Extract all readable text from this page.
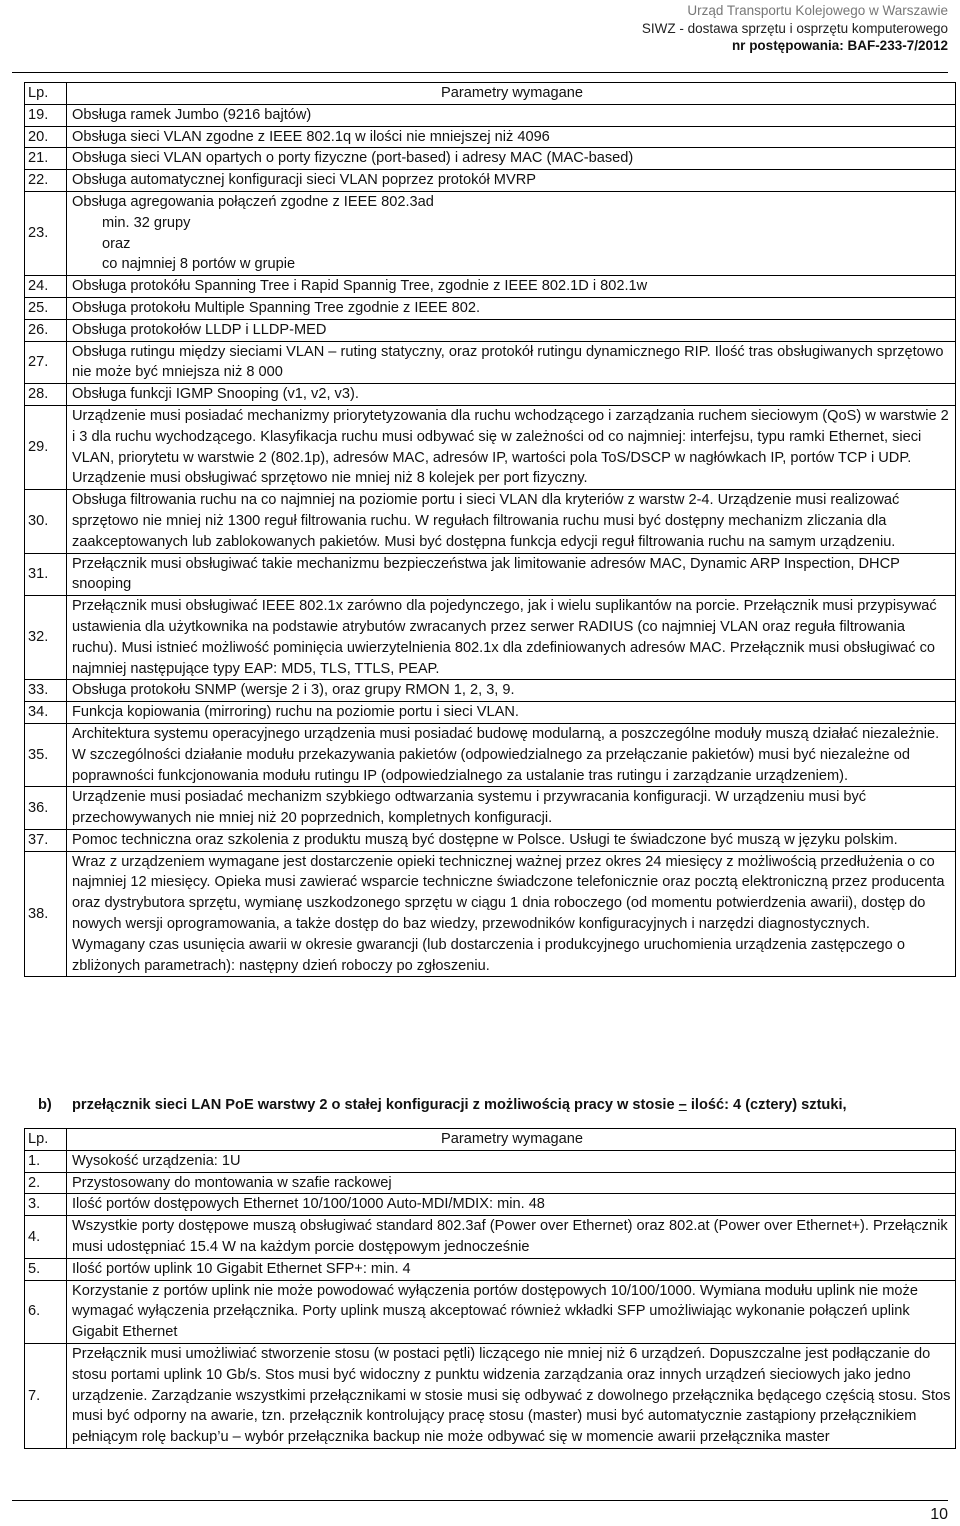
Urząd Transportu Kolejowego w Warszawie
SIWZ - dostawa sprzętu i osprzętu komputerowego
nr postępowania: BAF-233-7/2012
Lp.	Parametry wymagane
19.	Obsługa ramek Jumbo (9216 bajtów)
20.	Obsługa sieci VLAN zgodne z IEEE 802.1q w ilości nie mniejszej niż 4096
21.	Obsługa sieci VLAN opartych o porty fizyczne (port-based) i adresy MAC (MAC-based)
22.	Obsługa automatycznej konfiguracji sieci VLAN poprzez protokół MVRP
23.	Obsługa agregowania połączeń zgodne z IEEE 802.3ad
min. 32 grupy
oraz
co najmniej 8 portów w grupie

24.	Obsługa protokółu Spanning Tree i Rapid Spannig Tree, zgodnie z IEEE 802.1D i 802.1w
25.	Obsługa protokołu Multiple Spanning Tree zgodnie z IEEE 802.
26.	Obsługa protokołów LLDP i LLDP-MED
27.	Obsługa rutingu między sieciami VLAN – ruting statyczny, oraz protokół rutingu dynamicznego RIP. Ilość tras obsługiwanych sprzętowo nie może być mniejsza niż 8 000
28.	Obsługa funkcji IGMP Snooping (v1, v2, v3).
29.	Urządzenie musi posiadać mechanizmy priorytetyzowania dla ruchu wchodzącego i zarządzania ruchem sieciowym (QoS) w warstwie 2 i 3 dla ruchu wychodzącego. Klasyfikacja ruchu musi odbywać się w zależności od co najmniej: interfejsu, typu ramki Ethernet, sieci VLAN, priorytetu w warstwie 2 (802.1p), adresów MAC, adresów IP, wartości pola ToS/DSCP w nagłówkach IP, portów TCP i UDP. Urządzenie musi obsługiwać sprzętowo nie mniej niż 8 kolejek per port fizyczny.
30.	Obsługa filtrowania ruchu na co najmniej na poziomie portu i sieci VLAN dla kryteriów z warstw 2-4. Urządzenie musi realizować sprzętowo nie mniej niż 1300 reguł filtrowania ruchu. W regułach filtrowania ruchu musi być dostępny mechanizm zliczania dla zaakceptowanych lub zablokowanych pakietów. Musi być dostępna funkcja edycji reguł filtrowania ruchu na samym urządzeniu.
31.	Przełącznik musi obsługiwać takie mechanizmu bezpieczeństwa jak limitowanie adresów MAC, Dynamic ARP Inspection, DHCP snooping
32.	Przełącznik musi obsługiwać IEEE 802.1x zarówno dla pojedynczego, jak i wielu suplikantów na porcie. Przełącznik musi przypisywać ustawienia dla użytkownika na podstawie atrybutów zwracanych przez serwer RADIUS (co najmniej VLAN oraz reguła filtrowania ruchu). Musi istnieć możliwość pominięcia uwierzytelnienia 802.1x dla zdefiniowanych adresów MAC. Przełącznik musi obsługiwać co najmniej następujące typy EAP: MD5, TLS, TTLS, PEAP.
33.	Obsługa protokołu SNMP (wersje 2 i 3), oraz grupy RMON 1, 2, 3, 9.
34.	Funkcja kopiowania (mirroring) ruchu na poziomie portu i sieci VLAN.
35.	Architektura systemu operacyjnego urządzenia musi posiadać budowę modularną, a poszczególne moduły muszą działać niezależnie. W szczególności działanie modułu przekazywania pakietów (odpowiedzialnego za przełączanie pakietów) musi być niezależne od poprawności funkcjonowania modułu rutingu IP (odpowiedzialnego za ustalanie tras rutingu i zarządzanie urządzeniem).
36.	Urządzenie musi posiadać mechanizm szybkiego odtwarzania systemu i przywracania konfiguracji. W urządzeniu musi być przechowywanych nie mniej niż 20 poprzednich, kompletnych konfiguracji.
37.	Pomoc techniczna oraz szkolenia z produktu muszą być dostępne w Polsce. Usługi te świadczone być muszą w języku polskim.
38.	Wraz z urządzeniem wymagane jest dostarczenie opieki technicznej ważnej przez okres 24 miesięcy z możliwością przedłużenia o co najmniej 12 miesięcy. Opieka musi zawierać wsparcie techniczne świadczone telefonicznie oraz pocztą elektroniczną przez producenta oraz dystrybutora sprzętu, wymianę uszkodzonego sprzętu w ciągu 1 dnia roboczego (od momentu potwierdzenia awarii), dostęp do nowych wersji oprogramowania, a także dostęp do baz wiedzy, przewodników konfiguracyjnych i narzędzi diagnostycznych.
Wymagany czas usunięcia awarii w okresie gwarancji (lub dostarczenia i produkcyjnego uruchomienia urządzenia zastępczego o zbliżonych parametrach): następny dzień roboczy po zgłoszeniu.
b) przełącznik sieci LAN PoE warstwy 2 o stałej konfiguracji z możliwością pracy w stosie – ilość: 4 (cztery) sztuki,
Lp.	Parametry wymagane
1.	Wysokość urządzenia: 1U
2.	Przystosowany do montowania w szafie rackowej
3.	Ilość portów dostępowych Ethernet 10/100/1000 Auto-MDI/MDIX: min. 48
4.	Wszystkie porty dostępowe muszą obsługiwać standard 802.3af (Power over Ethernet) oraz 802.at (Power over Ethernet+). Przełącznik musi udostępniać 15.4 W na każdym porcie dostępowym jednocześnie
5.	Ilość portów uplink 10 Gigabit Ethernet SFP+: min. 4
6.	Korzystanie z portów uplink nie może powodować wyłączenia portów dostępowych 10/100/1000. Wymiana modułu uplink nie może wymagać wyłączenia przełącznika. Porty uplink muszą akceptować również wkładki SFP umożliwiając wykonanie połączeń uplink Gigabit Ethernet
7.	Przełącznik musi umożliwiać stworzenie stosu (w postaci pętli) liczącego nie mniej niż 6 urządzeń. Dopuszczalne jest podłączanie do stosu portami uplink 10 Gb/s. Stos musi być widoczny z punktu widzenia zarządzania oraz innych urządzeń sieciowych jako jedno urządzenie. Zarządzanie wszystkimi przełącznikami w stosie musi się odbywać z dowolnego przełącznika będącego częścią stosu. Stos musi być odporny na awarie, tzn. przełącznik kontrolujący pracę stosu (master) musi być automatycznie zastąpiony przełącznikiem pełniącym rolę backup’u – wybór przełącznika backup nie może odbywać się w momencie awarii przełącznika master
10
